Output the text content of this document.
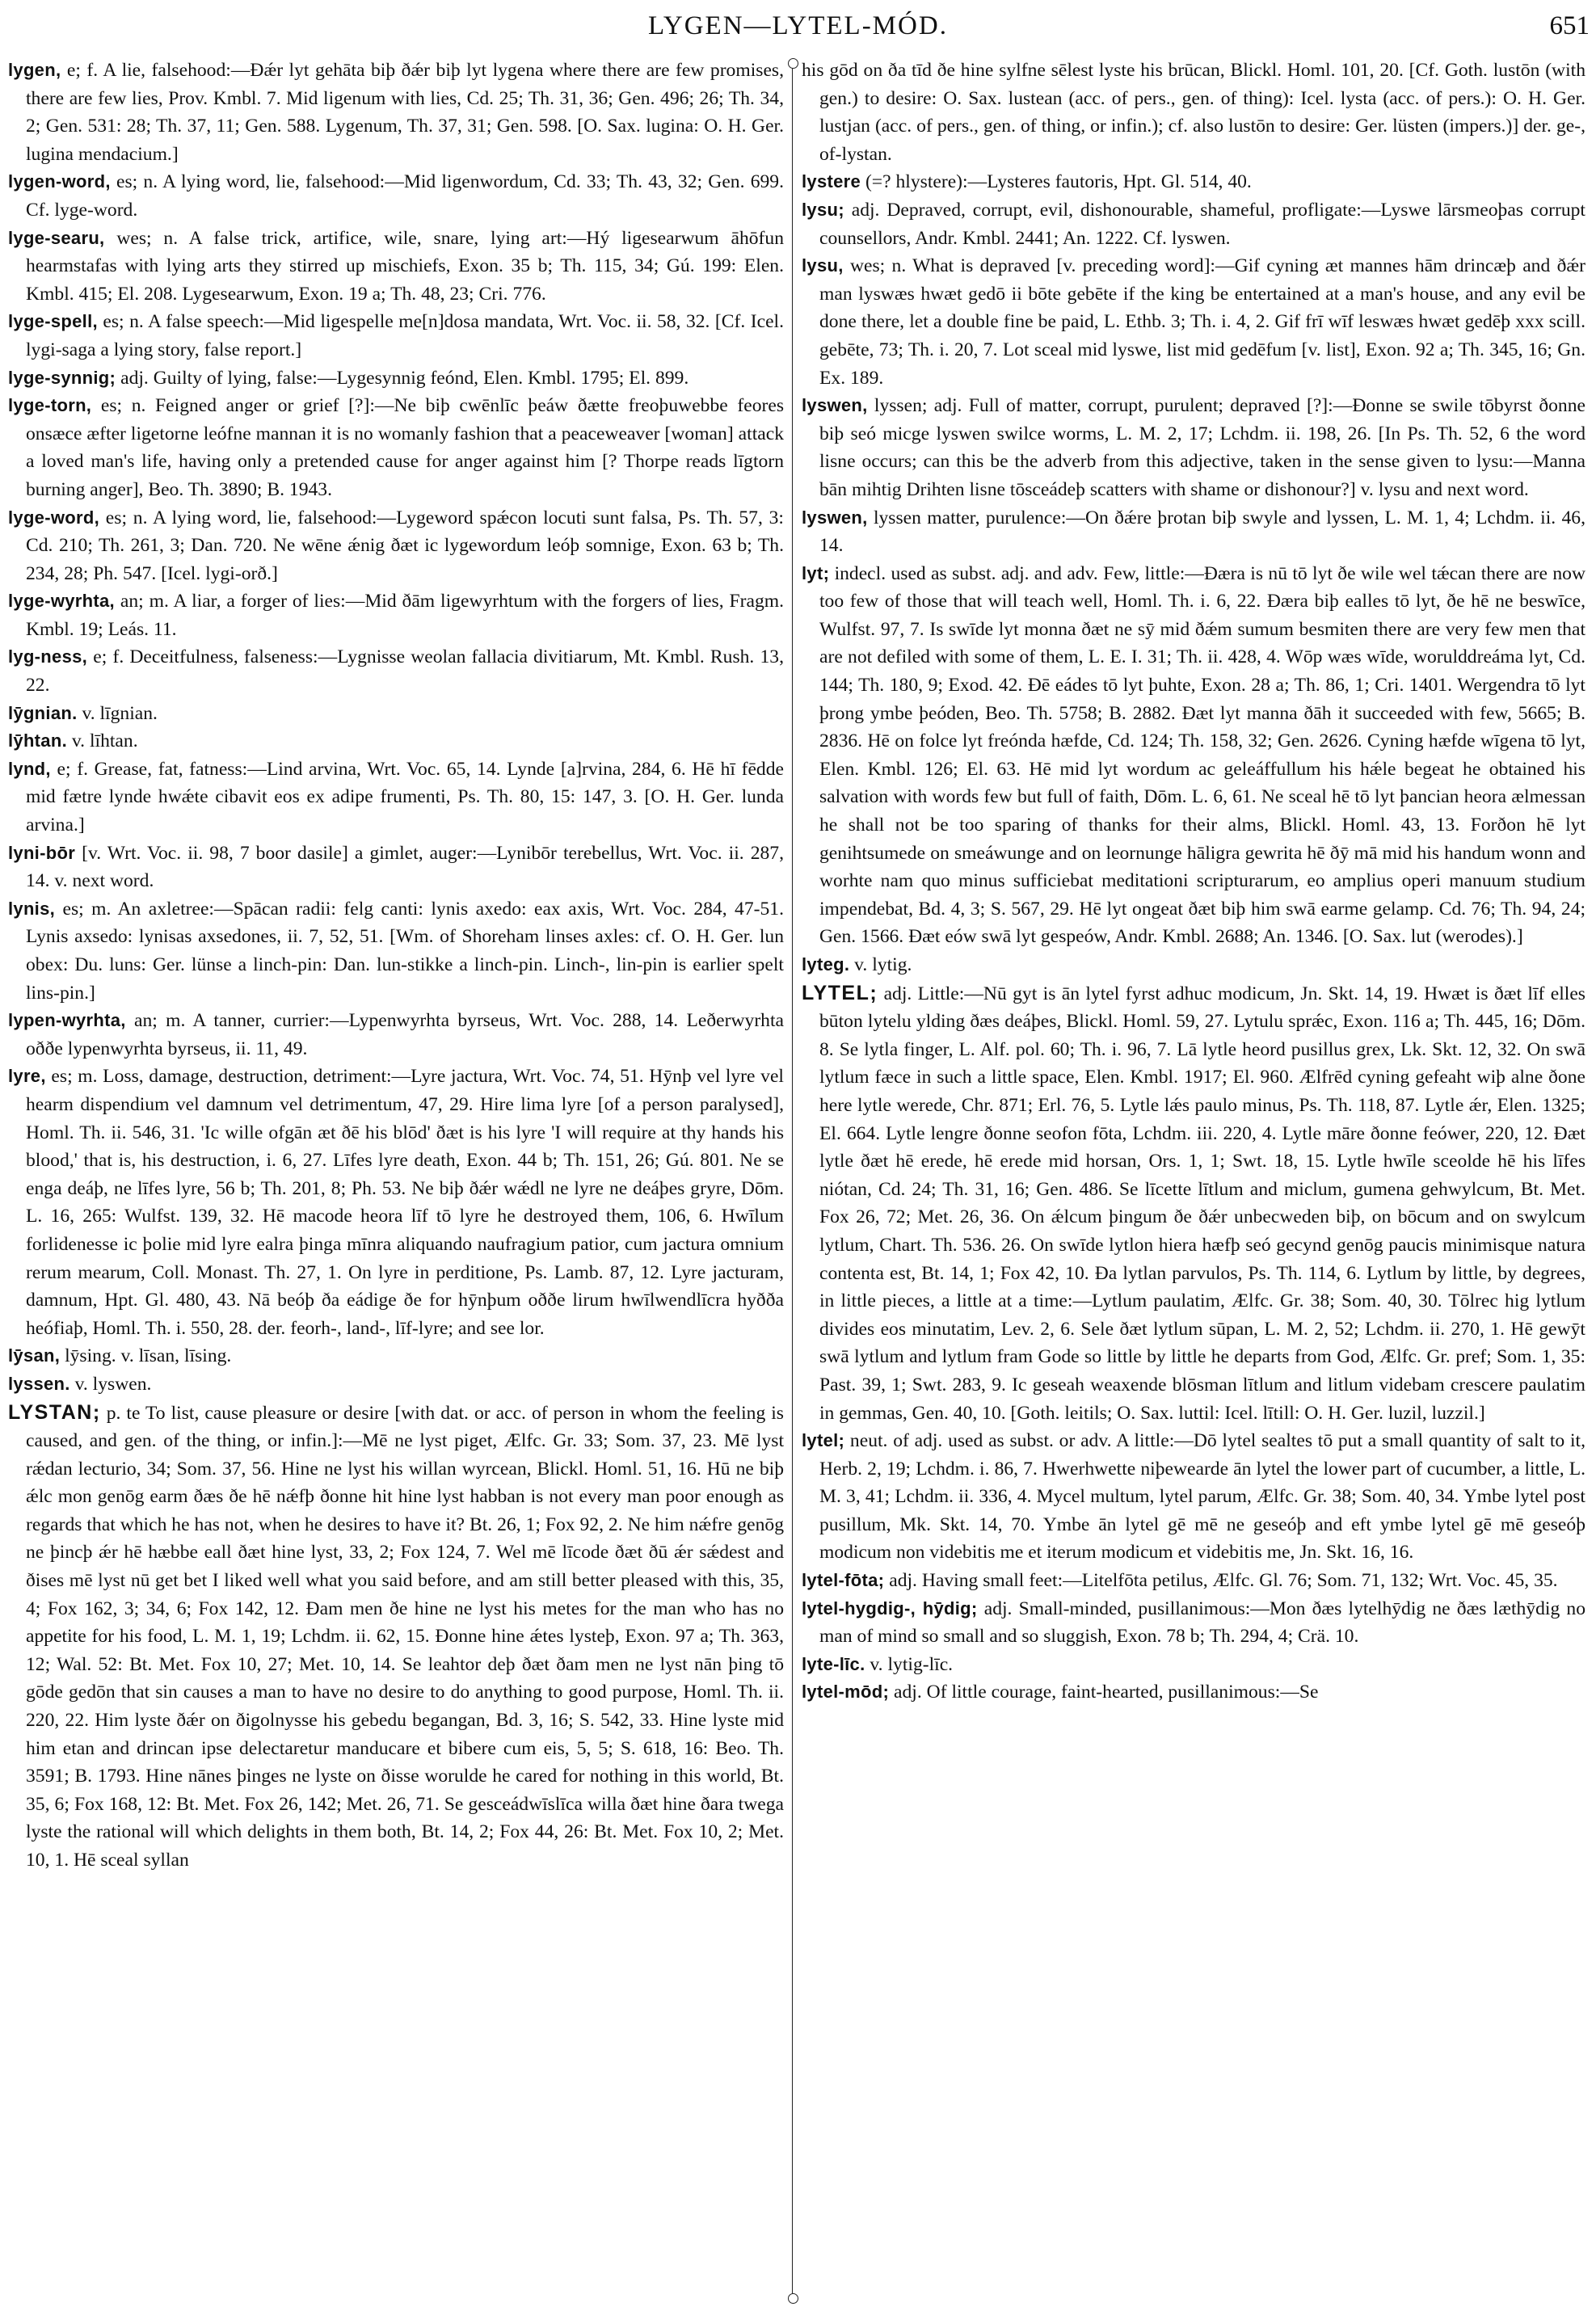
LYGEN—LYTEL-MÓD.	651

lygen, e; f. A lie, falsehood:—Ðǽr lyt gehāta biþ ðǽr biþ lyt lygena where there are few promises, there are few lies, Prov. Kmbl. 7. Mid ligenum with lies, Cd. 25; Th. 31, 36; Gen. 496; 26; Th. 34, 2; Gen. 531: 28; Th. 37, 11; Gen. 588. Lygenum, Th. 37, 31; Gen. 598. [O. Sax. lugina: O. H. Ger. lugina mendacium.]

lygen-word, es; n. A lying word, lie, falsehood:—Mid ligenwordum, Cd. 33; Th. 43, 32; Gen. 699. Cf. lyge-word.

lyge-searu, wes; n. A false trick, artifice, wile, snare, lying art:—Hý ligesearwum āhōfun hearmstafas with lying arts they stirred up mischiefs, Exon. 35 b; Th. 115, 34; Gú. 199: Elen. Kmbl. 415; El. 208. Lygesearwum, Exon. 19 a; Th. 48, 23; Cri. 776.

lyge-spell, es; n. A false speech:—Mid ligespelle me[n]dosa mandata, Wrt. Voc. ii. 58, 32. [Cf. Icel. lygi-saga a lying story, false report.]

lyge-synnig; adj. Guilty of lying, false:—Lygesynnig feónd, Elen. Kmbl. 1795; El. 899.

lyge-torn, es; n. Feigned anger or grief [?]:—Ne biþ cwēnlīc þeáw ðætte freoþuwebbe feores onsæce æfter ligetorne leófne mannan it is no womanly fashion that a peaceweaver [woman] attack a loved man's life, having only a pretended cause for anger against him [? Thorpe reads līgtorn burning anger], Beo. Th. 3890; B. 1943.

lyge-word, es; n. A lying word, lie, falsehood:—Lygeword spǽcon locuti sunt falsa, Ps. Th. 57, 3: Cd. 210; Th. 261, 3; Dan. 720. Ne wēne ǽnig ðæt ic lygewordum leóþ somnige, Exon. 63 b; Th. 234, 28; Ph. 547. [Icel. lygi-orð.]

lyge-wyrhta, an; m. A liar, a forger of lies:—Mid ðām ligewyrhtum with the forgers of lies, Fragm. Kmbl. 19; Leás. 11.

lyg-ness, e; f. Deceitfulness, falseness:—Lygnisse weolan fallacia divitiarum, Mt. Kmbl. Rush. 13, 22.

lȳgnian. v. līgnian.

lȳhtan. v. līhtan.

lynd, e; f. Grease, fat, fatness:—Lind arvina, Wrt. Voc. 65, 14. Lynde [a]rvina, 284, 6. Hē hī fēdde mid fætre lynde hwǽte cibavit eos ex adipe frumenti, Ps. Th. 80, 15: 147, 3. [O. H. Ger. lunda arvina.]

lyni-bōr [v. Wrt. Voc. ii. 98, 7 boor dasile] a gimlet, auger:—Lynibōr terebellus, Wrt. Voc. ii. 287, 14. v. next word.

lynis, es; m. An axletree:—Spācan radii: felg canti: lynis axedo: eax axis, Wrt. Voc. 284, 47-51. Lynis axsedo: lynisas axsedones, ii. 7, 52, 51. [Wm. of Shoreham linses axles: cf. O. H. Ger. lun obex: Du. luns: Ger. lünse a linch-pin: Dan. lun-stikke a linch-pin. Linch-, lin-pin is earlier spelt lins-pin.]

lypen-wyrhta, an; m. A tanner, currier:—Lypenwyrhta byrseus, Wrt. Voc. 288, 14. Leðerwyrhta oððe lypenwyrhta byrseus, ii. 11, 49.

lyre, es; m. Loss, damage, destruction, detriment:—Lyre jactura, Wrt. Voc. 74, 51. Hȳnþ vel lyre vel hearm dispendium vel damnum vel detrimentum, 47, 29. Hire lima lyre [of a person paralysed], Homl. Th. ii. 546, 31. 'Ic wille ofgān æt ðē his blōd' ðæt is his lyre 'I will require at thy hands his blood,' that is, his destruction, i. 6, 27. Līfes lyre death, Exon. 44 b; Th. 151, 26; Gú. 801. Ne se enga deáþ, ne līfes lyre, 56 b; Th. 201, 8; Ph. 53. Ne biþ ðǽr wǽdl ne lyre ne deáþes gryre, Dōm. L. 16, 265: Wulfst. 139, 32. Hē macode heora līf tō lyre he destroyed them, 106, 6. Hwīlum forlidenesse ic þolie mid lyre ealra þinga mīnra aliquando naufragium patior, cum jactura omnium rerum mearum, Coll. Monast. Th. 27, 1. On lyre in perditione, Ps. Lamb. 87, 12. Lyre jacturam, damnum, Hpt. Gl. 480, 43. Nā beóþ ða eádige ðe for hȳnþum oððe lirum hwīlwendlīcra hyðða heófiaþ, Homl. Th. i. 550, 28. der. feorh-, land-, līf-lyre; and see lor.

lȳsan, lȳsing. v. līsan, līsing.

lyssen. v. lyswen.

LYSTAN; p. te To list, cause pleasure or desire [with dat. or acc. of person in whom the feeling is caused, and gen. of the thing, or infin.]:—Mē ne lyst piget, Ælfc. Gr. 33; Som. 37, 23. Mē lyst rǽdan lecturio, 34; Som. 37, 56. Hine ne lyst his willan wyrcean, Blickl. Homl. 51, 16. Hū ne biþ ǽlc mon genōg earm ðæs ðe hē nǽfþ ðonne hit hine lyst habban is not every man poor enough as regards that which he has not, when he desires to have it? Bt. 26, 1; Fox 92, 2. Ne him nǽfre genōg ne þincþ ǽr hē hæbbe eall ðæt hine lyst, 33, 2; Fox 124, 7. Wel mē līcode ðæt ðū ǽr sǽdest and ðises mē lyst nū get bet I liked well what you said before, and am still better pleased with this, 35, 4; Fox 162, 3; 34, 6; Fox 142, 12. Ðam men ðe hine ne lyst his metes for the man who has no appetite for his food, L. M. 1, 19; Lchdm. ii. 62, 15. Ðonne hine ǽtes lysteþ, Exon. 97 a; Th. 363, 12; Wal. 52: Bt. Met. Fox 10, 27; Met. 10, 14. Se leahtor deþ ðæt ðam men ne lyst nān þing tō gōde gedōn that sin causes a man to have no desire to do anything to good purpose, Homl. Th. ii. 220, 22. Him lyste ðǽr on ðigolnysse his gebedu begangan, Bd. 3, 16; S. 542, 33. Hine lyste mid him etan and drincan ipse delectaretur manducare et bibere cum eis, 5, 5; S. 618, 16: Beo. Th. 3591; B. 1793. Hine nānes þinges ne lyste on ðisse worulde he cared for nothing in this world, Bt. 35, 6; Fox 168, 12: Bt. Met. Fox 26, 142; Met. 26, 71. Se gesceádwīslīca willa ðæt hine ðara twega lyste the rational will which delights in them both, Bt. 14, 2; Fox 44, 26: Bt. Met. Fox 10, 2; Met. 10, 1. Hē sceal syllan

his gōd on ða tīd ðe hine sylfne sēlest lyste his brūcan, Blickl. Homl. 101, 20. [Cf. Goth. lustōn (with gen.) to desire: O. Sax. lustean (acc. of pers., gen. of thing): Icel. lysta (acc. of pers.): O. H. Ger. lustjan (acc. of pers., gen. of thing, or infin.); cf. also lustōn to desire: Ger. lüsten (impers.)] der. ge-, of-lystan.

lystere (=? hlystere):—Lysteres fautoris, Hpt. Gl. 514, 40.

lysu; adj. Depraved, corrupt, evil, dishonourable, shameful, profligate:—Lyswe lārsmeoþas corrupt counsellors, Andr. Kmbl. 2441; An. 1222. Cf. lyswen.

lysu, wes; n. What is depraved [v. preceding word]:—Gif cyning æt mannes hām drincæþ and ðǽr man lyswæs hwæt gedō ii bōte gebēte if the king be entertained at a man's house, and any evil be done there, let a double fine be paid, L. Ethb. 3; Th. i. 4, 2. Gif frī wīf leswæs hwæt gedēþ xxx scill. gebēte, 73; Th. i. 20, 7. Lot sceal mid lyswe, list mid gedēfum [v. list], Exon. 92 a; Th. 345, 16; Gn. Ex. 189.

lyswen, lyssen; adj. Full of matter, corrupt, purulent; depraved [?]:—Ðonne se swile tōbyrst ðonne biþ seó micge lyswen swilce worms, L. M. 2, 17; Lchdm. ii. 198, 26. [In Ps. Th. 52, 6 the word lisne occurs; can this be the adverb from this adjective, taken in the sense given to lysu:—Manna bān mihtig Drihten lisne tōsceádeþ scatters with shame or dishonour?] v. lysu and next word.

lyswen, lyssen matter, purulence:—On ðǽre þrotan biþ swyle and lyssen, L. M. 1, 4; Lchdm. ii. 46, 14.

lyt; indecl. used as subst. adj. and adv. Few, little:—Ðæra is nū tō lyt ðe wile wel tǽcan there are now too few of those that will teach well, Homl. Th. i. 6, 22. Ðæra biþ ealles tō lyt, ðe hē ne beswīce, Wulfst. 97, 7. Is swīde lyt monna ðæt ne sȳ mid ðǽm sumum besmiten there are very few men that are not defiled with some of them, L. E. I. 31; Th. ii. 428, 4. Wōp wæs wīde, worulddreáma lyt, Cd. 144; Th. 180, 9; Exod. 42. Ðē eádes tō lyt þuhte, Exon. 28 a; Th. 86, 1; Cri. 1401. Wergendra tō lyt þrong ymbe þeóden, Beo. Th. 5758; B. 2882. Ðæt lyt manna ðāh it succeeded with few, 5665; B. 2836. Hē on folce lyt freónda hæfde, Cd. 124; Th. 158, 32; Gen. 2626. Cyning hæfde wīgena tō lyt, Elen. Kmbl. 126; El. 63. Hē mid lyt wordum ac geleáffullum his hǽle begeat he obtained his salvation with words few but full of faith, Dōm. L. 6, 61. Ne sceal hē tō lyt þancian heora ælmessan he shall not be too sparing of thanks for their alms, Blickl. Homl. 43, 13. Forðon hē lyt genihtsumede on smeáwunge and on leornunge hāligra gewrita hē ðȳ mā mid his handum wonn and worhte nam quo minus sufficiebat meditationi scripturarum, eo amplius operi manuum studium impendebat, Bd. 4, 3; S. 567, 29. Hē lyt ongeat ðæt biþ him swā earme gelamp. Cd. 76; Th. 94, 24; Gen. 1566. Ðæt eów swā lyt gespeów, Andr. Kmbl. 2688; An. 1346. [O. Sax. lut (werodes).]

lyteg. v. lytig.

LYTEL; adj. Little:—Nū gyt is ān lytel fyrst adhuc modicum, Jn. Skt. 14, 19. Hwæt is ðæt līf elles būton lytelu ylding ðæs deáþes, Blickl. Homl. 59, 27. Lytulu sprǽc, Exon. 116 a; Th. 445, 16; Dōm. 8. Se lytla finger, L. Alf. pol. 60; Th. i. 96, 7. Lā lytle heord pusillus grex, Lk. Skt. 12, 32. On swā lytlum fæce in such a little space, Elen. Kmbl. 1917; El. 960. Ælfrēd cyning gefeaht wiþ alne ðone here lytle werede, Chr. 871; Erl. 76, 5. Lytle lǽs paulo minus, Ps. Th. 118, 87. Lytle ǽr, Elen. 1325; El. 664. Lytle lengre ðonne seofon fōta, Lchdm. iii. 220, 4. Lytle māre ðonne feówer, 220, 12. Ðæt lytle ðæt hē erede, hē erede mid horsan, Ors. 1, 1; Swt. 18, 15. Lytle hwīle sceolde hē his līfes niótan, Cd. 24; Th. 31, 16; Gen. 486. Se līcette lītlum and miclum, gumena gehwylcum, Bt. Met. Fox 26, 72; Met. 26, 36. On ǽlcum þingum ðe ðǽr unbecweden biþ, on bōcum and on swylcum lytlum, Chart. Th. 536. 26. On swīde lytlon hiera hæfþ seó gecynd genōg paucis minimisque natura contenta est, Bt. 14, 1; Fox 42, 10. Ða lytlan parvulos, Ps. Th. 114, 6. Lytlum by little, by degrees, in little pieces, a little at a time:—Lytlum paulatim, Ælfc. Gr. 38; Som. 40, 30. Tōlrec hig lytlum divides eos minutatim, Lev. 2, 6. Sele ðæt lytlum sūpan, L. M. 2, 52; Lchdm. ii. 270, 1. Hē gewȳt swā lytlum and lytlum fram Gode so little by little he departs from God, Ælfc. Gr. pref; Som. 1, 35: Past. 39, 1; Swt. 283, 9. Ic geseah weaxende blōsman lītlum and litlum videbam crescere paulatim in gemmas, Gen. 40, 10. [Goth. leitils; O. Sax. luttil: Icel. lītill: O. H. Ger. luzil, luzzil.]

lytel; neut. of adj. used as subst. or adv. A little:—Dō lytel sealtes tō put a small quantity of salt to it, Herb. 2, 19; Lchdm. i. 86, 7. Hwerhwette niþewearde ān lytel the lower part of cucumber, a little, L. M. 3, 41; Lchdm. ii. 336, 4. Mycel multum, lytel parum, Ælfc. Gr. 38; Som. 40, 34. Ymbe lytel post pusillum, Mk. Skt. 14, 70. Ymbe ān lytel gē mē ne geseóþ and eft ymbe lytel gē mē geseóþ modicum non videbitis me et iterum modicum et videbitis me, Jn. Skt. 16, 16.

lytel-fōta; adj. Having small feet:—Litelfōta petilus, Ælfc. Gl. 76; Som. 71, 132; Wrt. Voc. 45, 35.

lytel-hygdig-, hȳdig; adj. Small-minded, pusillanimous:—Mon ðæs lytelhȳdig ne ðæs læthȳdig no man of mind so small and so sluggish, Exon. 78 b; Th. 294, 4; Crä. 10.

lyte-līc. v. lytig-līc.

lytel-mōd; adj. Of little courage, faint-hearted, pusillanimous:—Se
